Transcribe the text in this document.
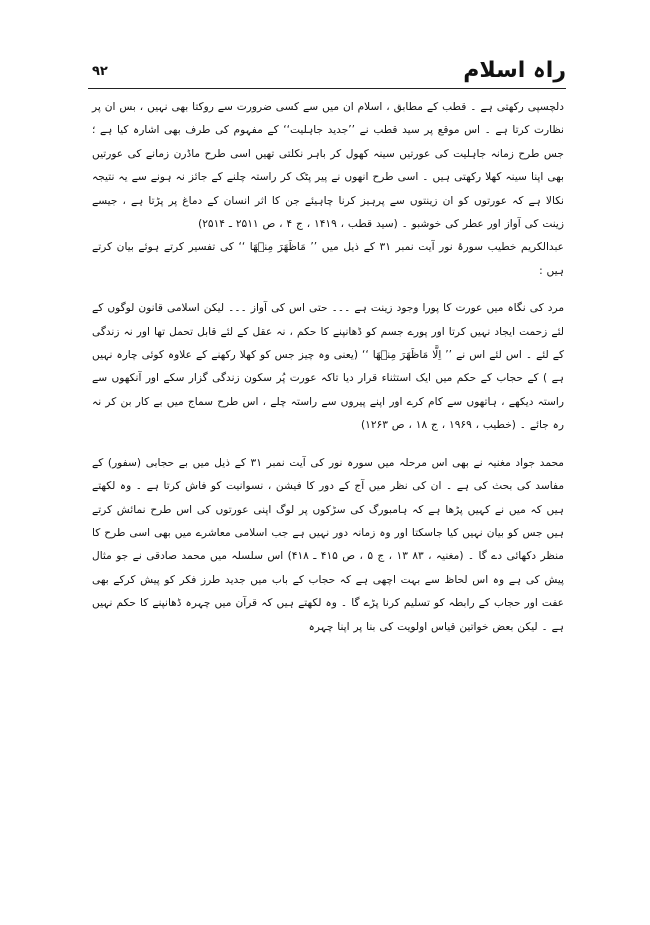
راہ اسلام
۹۲

دلچسپی رکھتی ہے ۔ قطب کے مطابق ، اسلام ان میں سے کسی ضرورت سے روکتا بھی نہیں ، بس ان پر نظارت کرتا ہے ۔ اس موقع پر سید قطب نے ’’جدید جاہلیت‘‘ کے مفہوم کی طرف بھی اشارہ کیا ہے ؛ جس طرح زمانہ جاہلیت کی عورتیں سینہ کھول کر باہر نکلتی تھیں اسی طرح ماڈرن زمانے کی عورتیں بھی اپنا سینہ کھلا رکھتی ہیں ۔ اسی طرح انھوں نے پیر پٹک کر راستہ چلنے کے جائز نہ ہونے سے یہ نتیجہ نکالا ہے کہ عورتوں کو ان زینتوں سے پرہیز کرنا چاہیئے جن کا اثر انسان کے دماغ پر پڑتا ہے ، جیسے زینت کی آواز اور عطر کی خوشبو ۔ (سید قطب ، ۱۴۱۹ ، ج ۴ ، ص ۲۵۱۱ ـ ۲۵۱۴)

عبدالکریم خطیب سورۂ نور آیت نمبر ۳۱ کے ذیل میں ’’ مَاظَهَرَ مِنۡهَا ‘‘ کی تفسیر کرتے ہوئے بیان کرتے ہیں :

مرد کی نگاہ میں عورت کا پورا وجود زینت ہے ۔۔۔ حتی اس کی آواز ۔۔۔ لیکن اسلامی قانون لوگوں کے لئے زحمت ایجاد نہیں کرتا اور پورے جسم کو ڈھانپنے کا حکم ، نہ عقل کے لئے قابل تحمل تھا اور نہ زندگی کے لئے ۔ اس لئے اس نے ’’ اِلَّا مَاظَهَرَ مِنۡهَا ‘‘ (یعنی وہ چیز جس کو کھلا رکھنے کے علاوہ کوئی چارہ نہیں ہے ) کے حجاب کے حکم میں ایک استثناء قرار دیا تاکہ عورت پُر سکون زندگی گزار سکے اور آنکھوں سے راستہ دیکھے ، ہاتھوں سے کام کرے اور اپنے پیروں سے راستہ چلے ، اس طرح سماج میں بے کار بن کر نہ رہ جائے ۔ (خطیب ، ۱۹۶۹ ، ج ۱۸ ، ص ۱۲۶۳)

محمد جواد مغنیہ نے بھی اس مرحلہ میں سورہ نور کی آیت نمبر ۳۱ کے ذیل میں بے حجابی (سفور) کے مفاسد کی بحث کی ہے ۔ ان کی نظر میں آج کے دور کا فیشن ، نسوانیت کو فاش کرتا ہے ۔ وہ لکھتے ہیں کہ میں نے کہیں پڑھا ہے کہ ہامبورگ کی سڑکوں پر لوگ اپنی عورتوں کی اس طرح نمائش کرتے ہیں جس کو بیان نہیں کیا جاسکتا اور وہ زمانہ دور نہیں ہے جب اسلامی معاشرے میں بھی اسی طرح کا منظر دکھائی دے گا ۔ (مغنیہ ، ۸۳ ۱۳ ، ج ۵ ، ص ۴۱۵ ـ ۴۱۸) اس سلسلہ میں محمد صادقی نے جو مثال پیش کی ہے وہ اس لحاظ سے بہت اچھی ہے کہ حجاب کے باب میں جدید طرز فکر کو پیش کرکے بھی عفت اور حجاب کے رابطہ کو تسلیم کرنا پڑے گا ۔ وہ لکھتے ہیں کہ قرآن میں چہرہ ڈھانپنے کا حکم نہیں ہے ۔ لیکن بعض خواتین قیاس اولویت کی بنا پر اپنا چہرہ
